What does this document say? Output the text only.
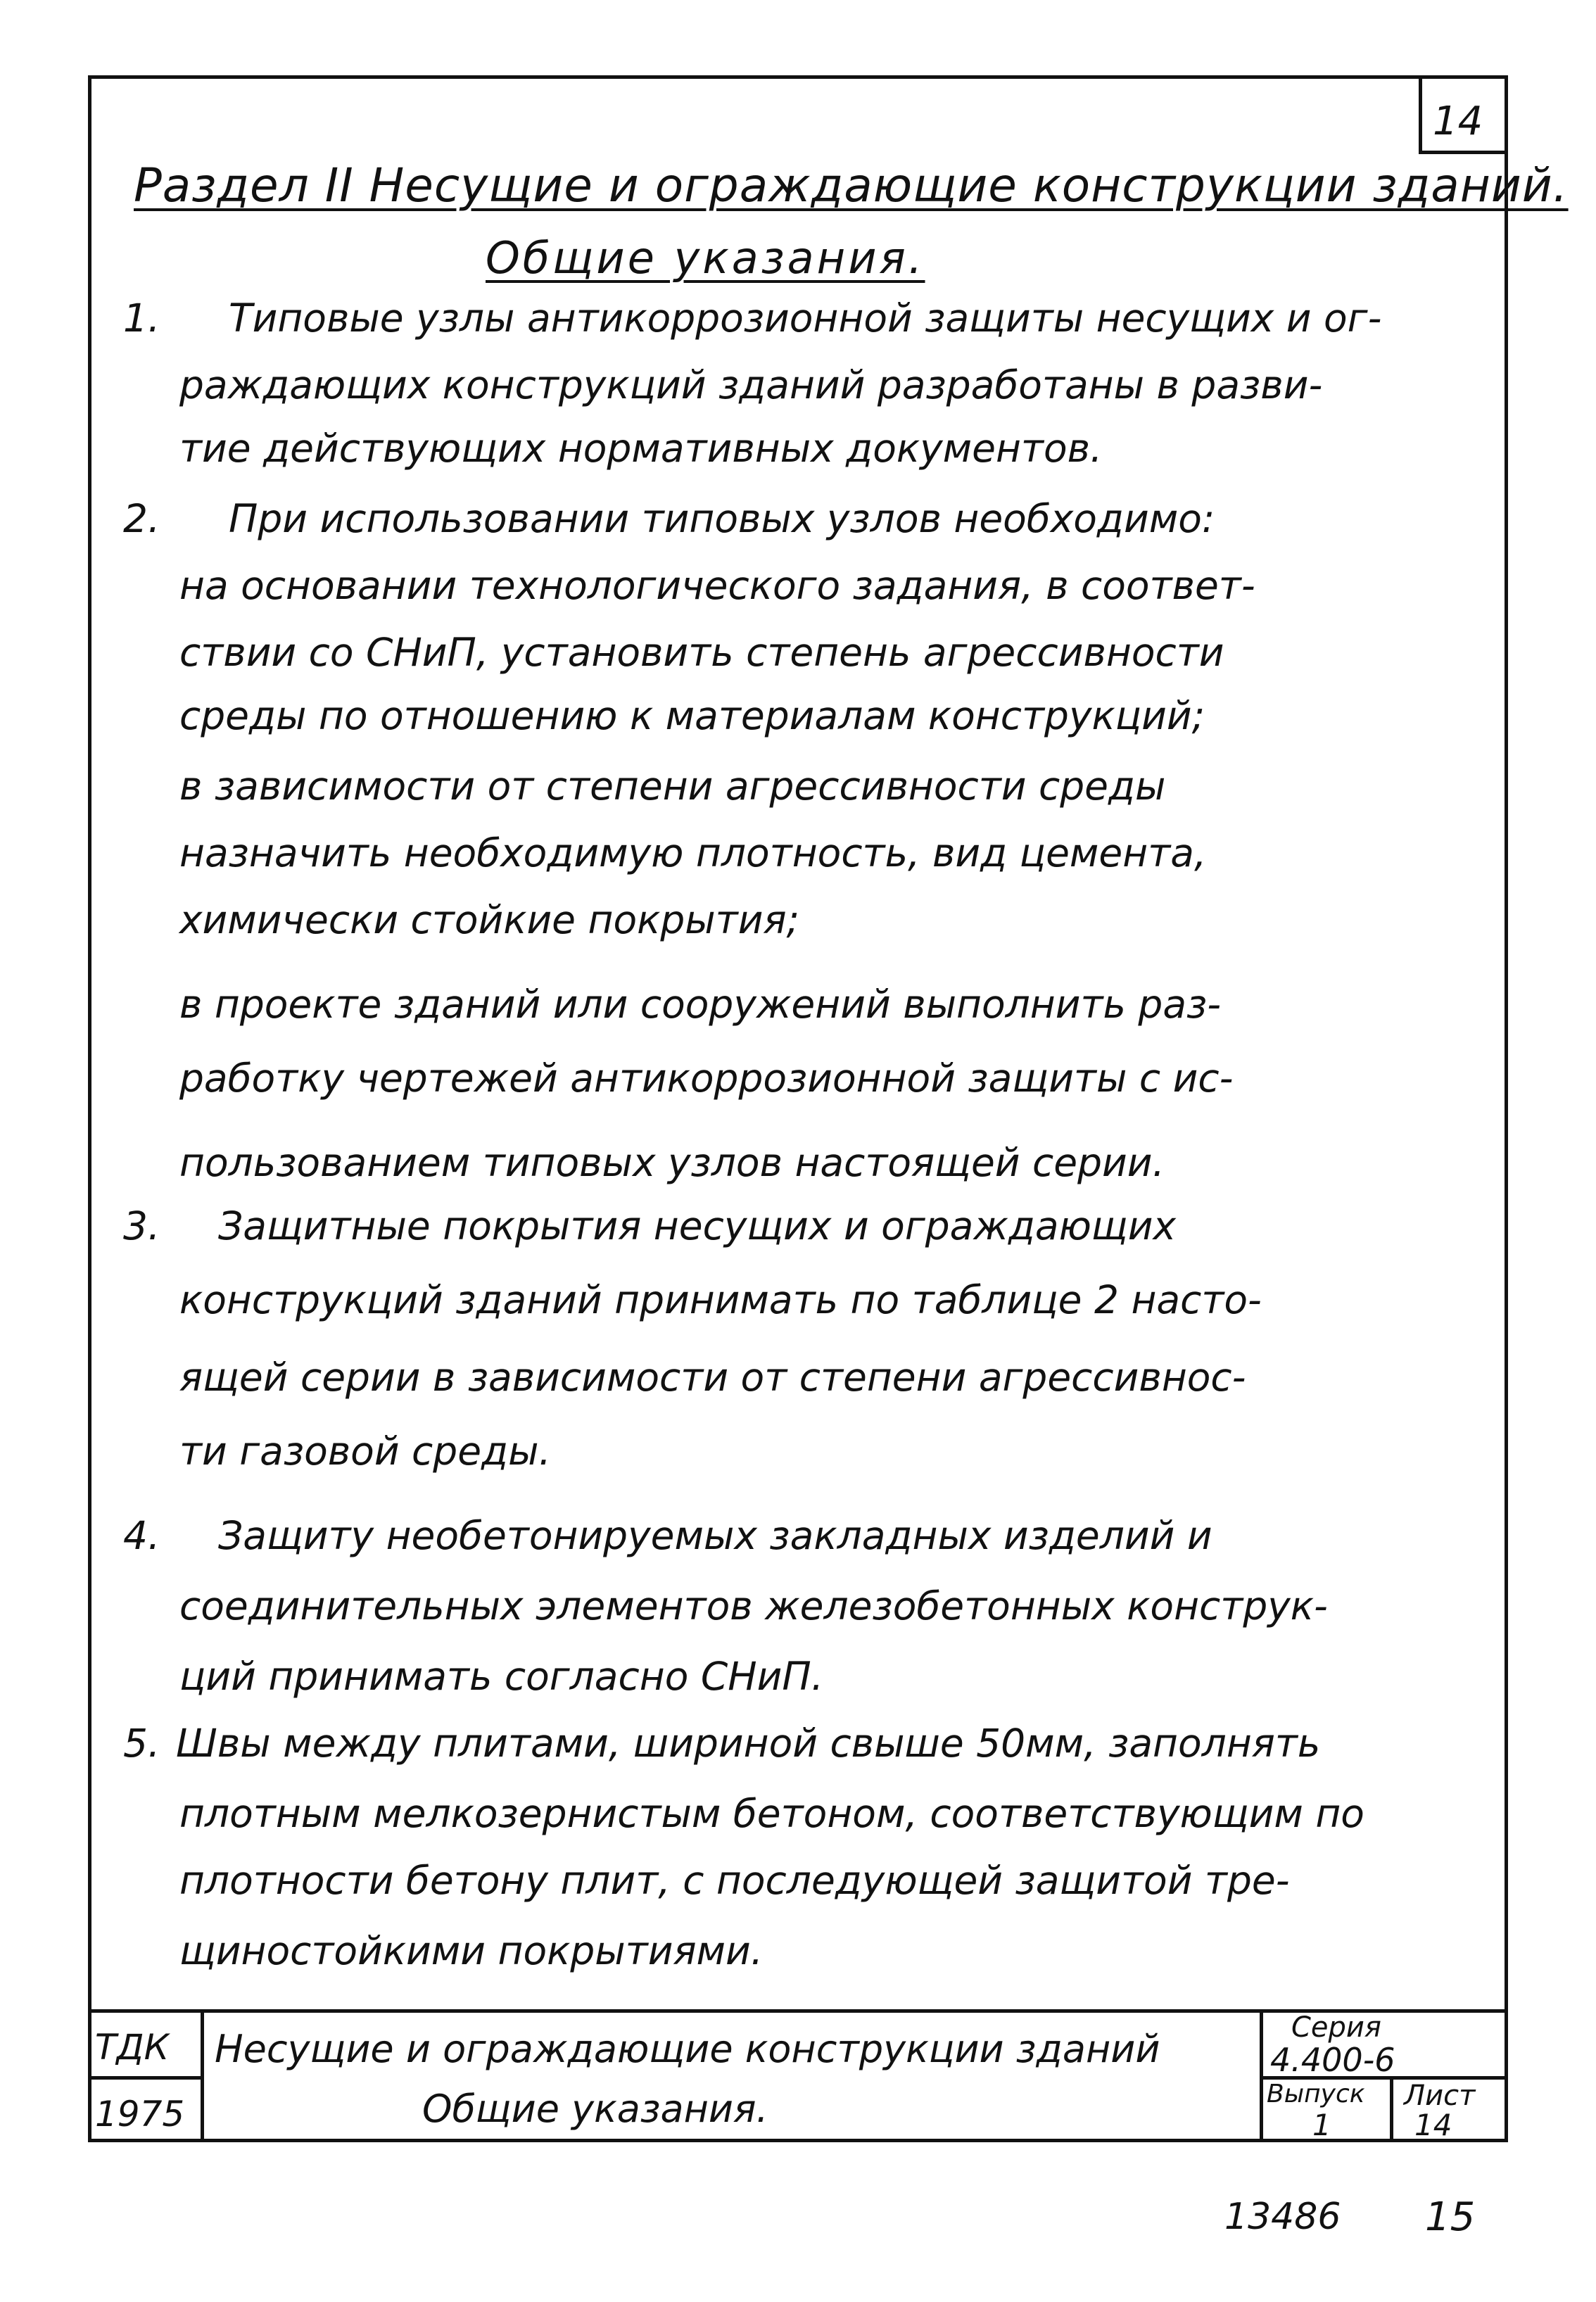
14
Раздел II Несущие и ограждающие конструкции зданий.
Общие указания.
1. Типовые узлы антикоррозионной защиты несущих и ог-
раждающих конструкций зданий разработаны в разви-
тие действующих нормативных документов.
2. При использовании типовых узлов необходимо:
на основании технологического задания, в соответ-
ствии со СНиП, установить степень агрессивности
среды по отношению к материалам конструкций;
в зависимости от степени агрессивности среды
назначить необходимую плотность, вид цемента,
химически стойкие покрытия;
в проекте зданий или сооружений выполнить раз-
работку чертежей антикоррозионной защиты с ис-
пользованием типовых узлов настоящей серии.
3. Защитные покрытия несущих и ограждающих
конструкций зданий принимать по таблице 2 насто-
ящей серии в зависимости от степени агрессивнос-
ти газовой среды.
4. Защиту необетонируемых закладных изделий и
соединительных элементов железобетонных конструк-
ций принимать согласно СНиП.
5. Швы между плитами, шириной свыше 50мм, заполнять
плотным мелкозернистым бетоном, соответствующим по
плотности бетону плит, с последующей защитой тре-
щиностойкими покрытиями.
ТДК
1975
Несущие и ограждающие конструкции зданий
Общие указания.
Серия
4.400-6
Выпуск
1
Лист
14
13486 15
